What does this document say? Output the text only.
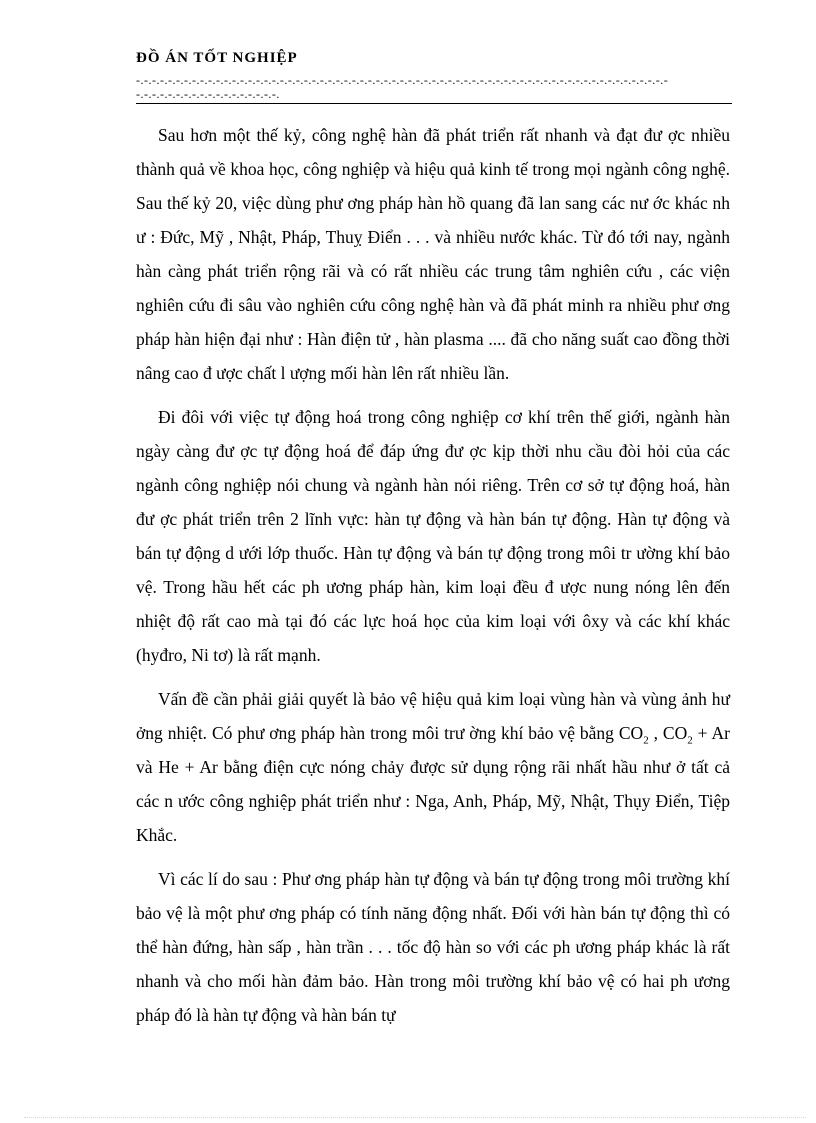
ĐỒ ÁN TỐT NGHIỆP

-.-.-.-.-.-.-.-.-.-.-.-.-.-.-.-.-.-.-.-.-.-.-.-.-.-.-.-.-.-.-.-.-.-.-.-.-.-.-.-.-.-.-.-.-.-.-.-.-.-.-.-.-.-.-.-.-.-.-.-.-.-.-.-.-.-.-
-.-.-.-.-.-.-.-.-.-.-.-.-.-.-.-.-.-.

Sau hơn một thế kỷ, công nghệ hàn đã phát triển rất nhanh và đạt đư ợc nhiều thành quả về khoa học, công nghiệp và hiệu quả kinh tế trong mọi ngành công nghệ. Sau thế kỷ 20, việc dùng phư ơng pháp hàn hồ quang đã lan sang các nư ớc khác nh ư : Đức, Mỹ , Nhật, Pháp, Thuỵ Điển . . . và nhiều nước khác. Từ đó tới nay, ngành hàn càng phát triển rộng rãi và có rất nhiều các trung tâm nghiên cứu , các viện nghiên cứu đi sâu vào nghiên cứu công nghệ hàn và đã phát minh ra nhiều phư ơng pháp hàn hiện đại như : Hàn điện tử , hàn plasma .... đã cho năng suất cao đồng thời nâng cao đ ược chất l ượng mối hàn lên rất nhiều lần.

Đi đôi với việc tự động hoá trong công nghiệp cơ khí trên thế giới, ngành hàn ngày càng đư ợc tự động hoá để đáp ứng đư ợc kịp thời nhu cầu đòi hỏi của các ngành công nghiệp nói chung và ngành hàn nói riêng. Trên cơ sở tự động hoá, hàn đư ợc phát triển trên 2 lĩnh vực: hàn tự động và hàn bán tự động. Hàn tự động và bán tự động d ưới lớp thuốc. Hàn tự động và bán tự động trong môi tr ường khí bảo vệ. Trong hầu hết các ph ương pháp hàn, kim loại đều đ ược nung nóng lên đến nhiệt độ rất cao mà tại đó các lực hoá học của kim loại với ôxy và các khí khác (hyđro, Ni tơ) là rất mạnh.

Vấn đề cần phải giải quyết là bảo vệ hiệu quả kim loại vùng hàn và vùng ảnh hư ởng nhiệt. Có phư ơng pháp hàn trong môi trư ờng khí bảo vệ bằng $CO_2$ , $CO_2 + Ar$ và He + Ar bằng điện cực nóng chảy được sử dụng rộng rãi nhất hầu như ở tất cả các n ước công nghiệp phát triển như : Nga, Anh, Pháp, Mỹ, Nhật, Thụy Điển, Tiệp Khắc.

Vì các lí do sau : Phư ơng pháp hàn tự động và bán tự động trong môi trường khí bảo vệ là một phư ơng pháp có tính năng động nhất. Đối với hàn bán tự động thì có thể hàn đứng, hàn sấp , hàn trần . . . tốc độ hàn so với các ph ương pháp khác là rất nhanh và cho mối hàn đảm bảo. Hàn trong môi trường khí bảo vệ có hai ph ương pháp đó là hàn tự động và hàn bán tự
